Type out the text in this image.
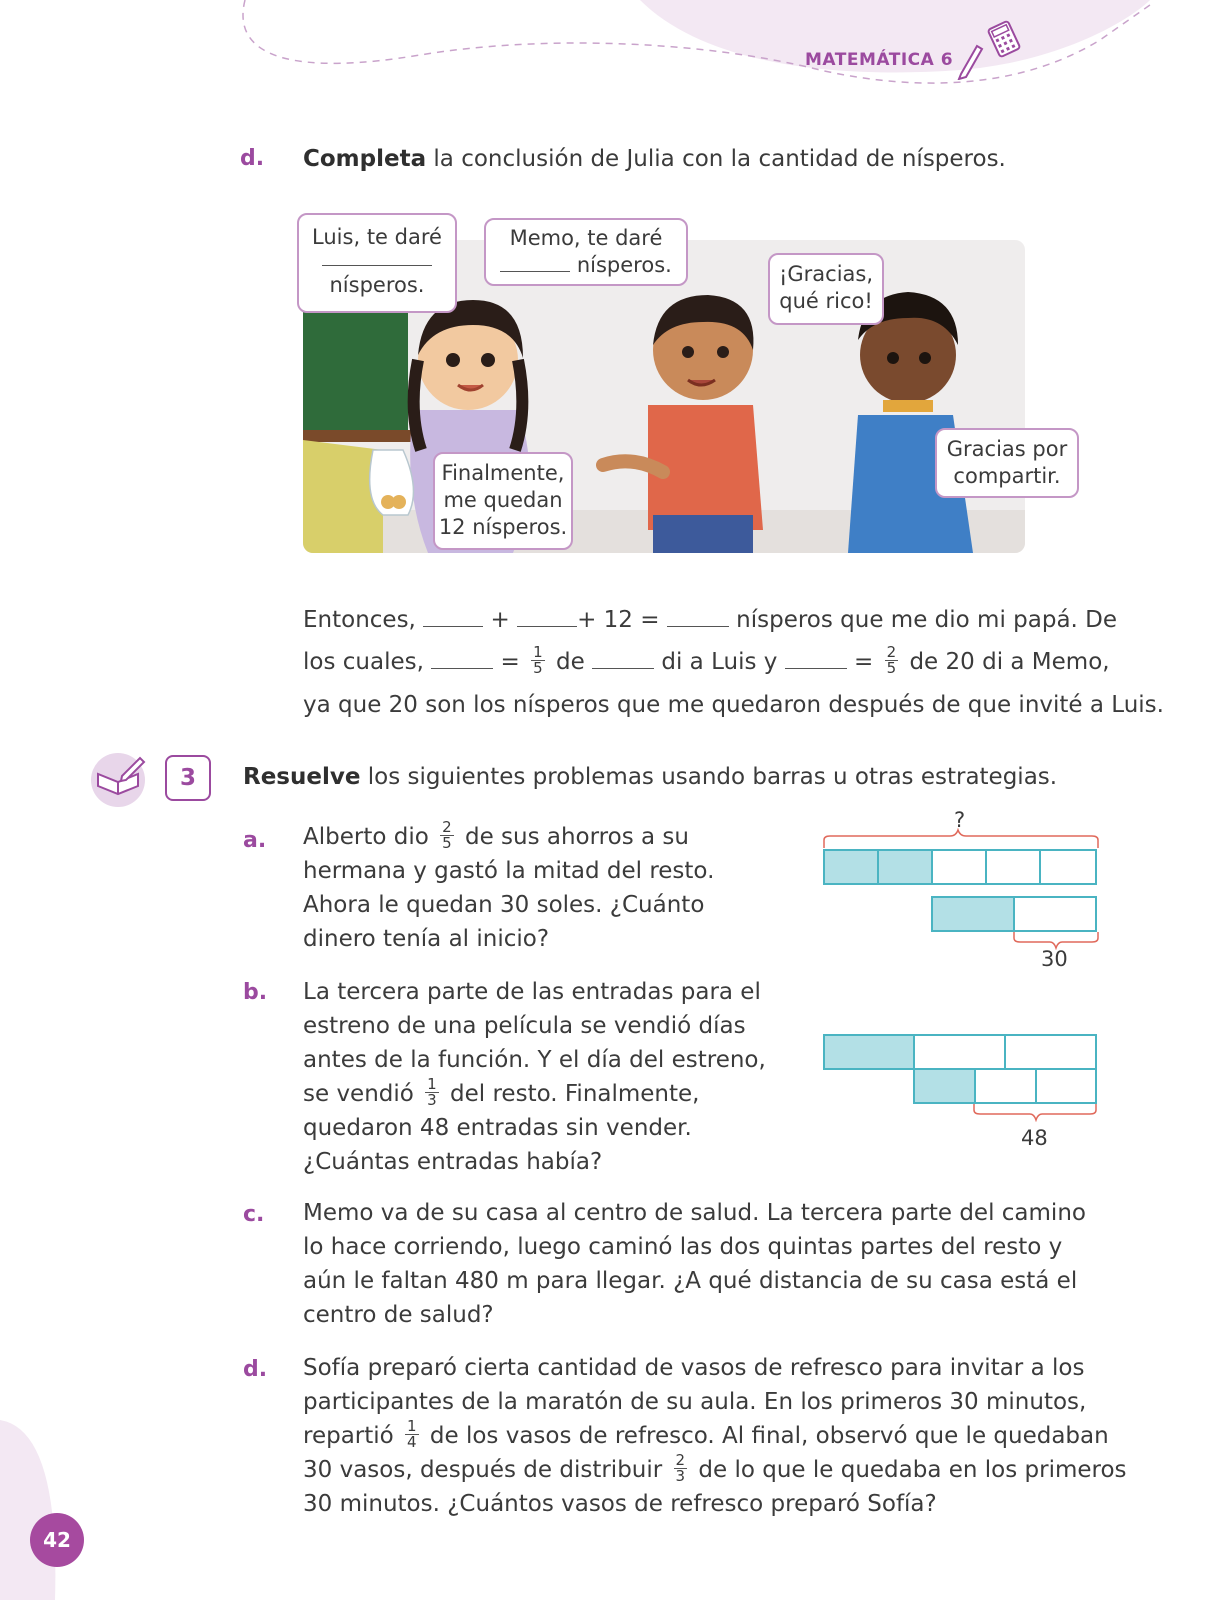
MATEMÁTICA 6
d. Completa la conclusión de Julia con la cantidad de nísperos.
Luis, te daré
nísperos.
Memo, te daré
nísperos.	¡Gracias,
qué rico!
Gracias por
compartir.
Finalmente,
me quedan
12 nísperos.
Entonces,	+	+ 12 =	nísperos que me dio mi papá. De
los cuales,	= $\frac{1}{5}$ de	di a Luis y	= $\frac{2}{5}$ de 20 di a Memo,
ya que 20 son los nísperos que me quedaron después de que invité a Luis.
3	Resuelve los siguientes problemas usando barras u otras estrategias.
a. Alberto dio $\frac{2}{5}$ de sus ahorros a su
hermana y gastó la mitad del resto.
Ahora le quedan 30 soles. ¿Cuánto
dinero tenía al inicio?
?
30
b. La tercera parte de las entradas para el
estreno de una película se vendió días
antes de la función. Y el día del estreno,
se vendió $\frac{1}{3}$ del resto. Finalmente,
quedaron 48 entradas sin vender.
¿Cuántas entradas había?
48
c. Memo va de su casa al centro de salud. La tercera parte del camino
lo hace corriendo, luego caminó las dos quintas partes del resto y
aún le faltan 480 m para llegar. ¿A qué distancia de su casa está el
centro de salud?
d. Sofía preparó cierta cantidad de vasos de refresco para invitar a los
participantes de la maratón de su aula. En los primeros 30 minutos,
repartió $\frac{1}{4}$ de los vasos de refresco. Al final, observó que le quedaban
30 vasos, después de distribuir $\frac{2}{3}$ de lo que le quedaba en los primeros
30 minutos. ¿Cuántos vasos de refresco preparó Sofía?
42
